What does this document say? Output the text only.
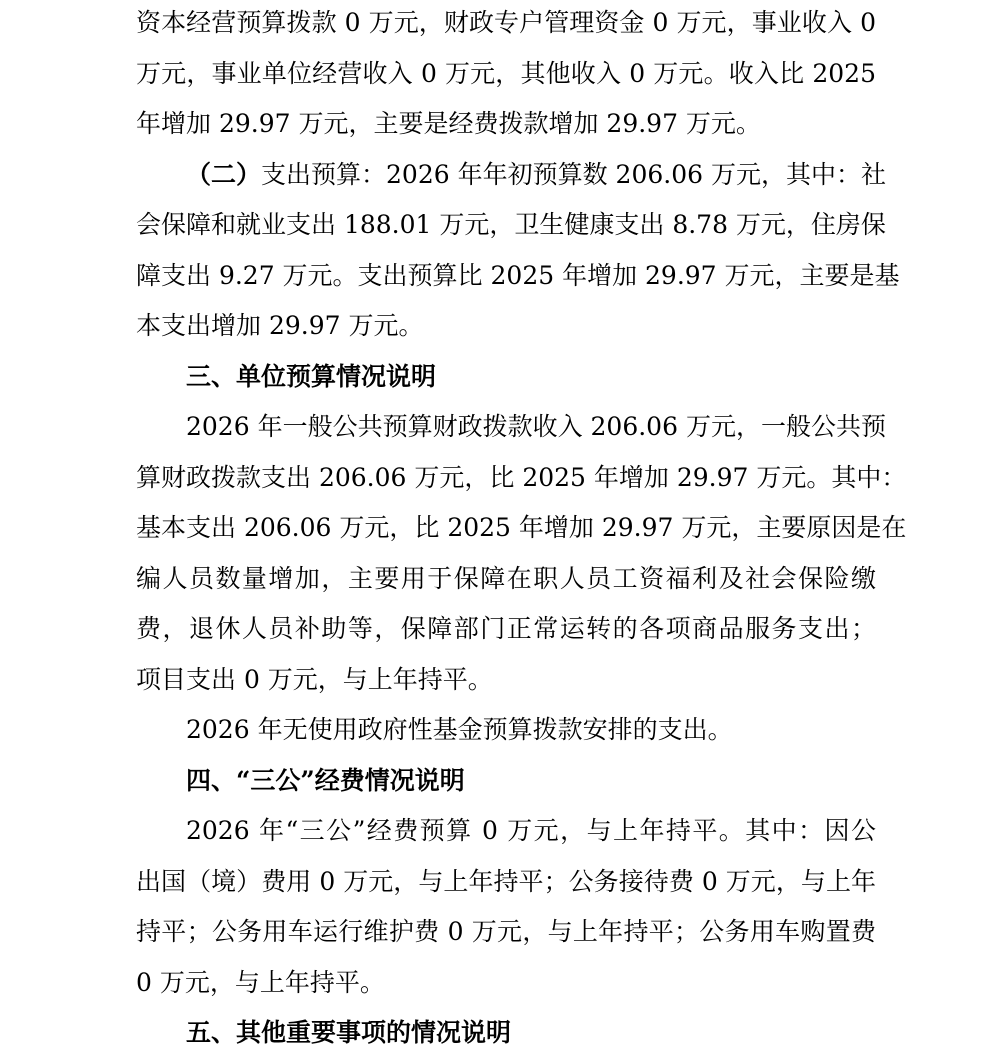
资本经营预算拨款 0 万元，财政专户管理资金 0 万元，事业收入 0
万元，事业单位经营收入 0 万元，其他收入 0 万元。收入比 2025
年增加 29.97 万元，主要是经费拨款增加 29.97 万元。
（二）支出预算：2026 年年初预算数 206.06 万元，其中：社
会保障和就业支出 188.01 万元，卫生健康支出 8.78 万元，住房保
障支出 9.27 万元。支出预算比 2025 年增加 29.97 万元，主要是基
本支出增加 29.97 万元。
三、单位预算情况说明
2026 年一般公共预算财政拨款收入 206.06 万元，一般公共预
算财政拨款支出 206.06 万元，比 2025 年增加 29.97 万元。其中：
基本支出 206.06 万元，比 2025 年增加 29.97 万元，主要原因是在
编人员数量增加，主要用于保障在职人员工资福利及社会保险缴
费，退休人员补助等，保障部门正常运转的各项商品服务支出；
项目支出 0 万元，与上年持平。
2026 年无使用政府性基金预算拨款安排的支出。
四、“三公”经费情况说明
2026 年“三公”经费预算 0 万元，与上年持平。其中：因公
出国（境）费用 0 万元，与上年持平；公务接待费 0 万元，与上年
持平；公务用车运行维护费 0 万元，与上年持平；公务用车购置费
0 万元，与上年持平。
五、其他重要事项的情况说明
